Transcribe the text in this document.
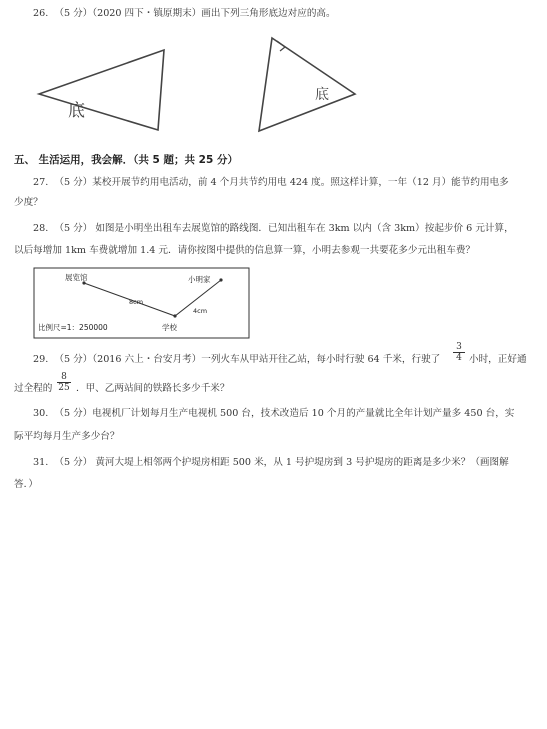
26.  （5 分）（2020 四下・镇原期末）画出下列三角形底边对应的高。
底
底
五、 生活运用，我会解．（共 5 题；共 25 分）
27.  （5 分）某校开展节约用电活动，前 4 个月共节约用电 424 度。照这样计算，一年（12 月）能节约用电多
少度？
28.  （5 分） 如图是小明坐出租车去展览馆的路线图．已知出租车在 3km 以内（含 3km）按起步价 6 元计算，
以后每增加 1km 车费就增加 1.4 元．请你按图中提供的信息算一算，小明去参观一共要花多少元出租车费？
展览馆	小明家
学校
8cm
4cm
比例尺=1：250000
29.  （5 分）（2016 六上・台安月考）一列火车从甲站开往乙站，每小时行驶 64 千米，行驶了 $\frac{3}{4}$ 小时，正好通
过全程的 $\frac{8}{25}$ ．甲、乙两站间的铁路长多少千米？
30.  （5 分）电视机厂计划每月生产电视机 500 台，技术改造后 10 个月的产量就比全年计划产量多 450 台，实
际平均每月生产多少台？
31.  （5 分） 黄河大堤上相邻两个护堤房相距 500 米，从 1 号护堤房到 3 号护堤房的距离是多少米？（画图解
答．）
